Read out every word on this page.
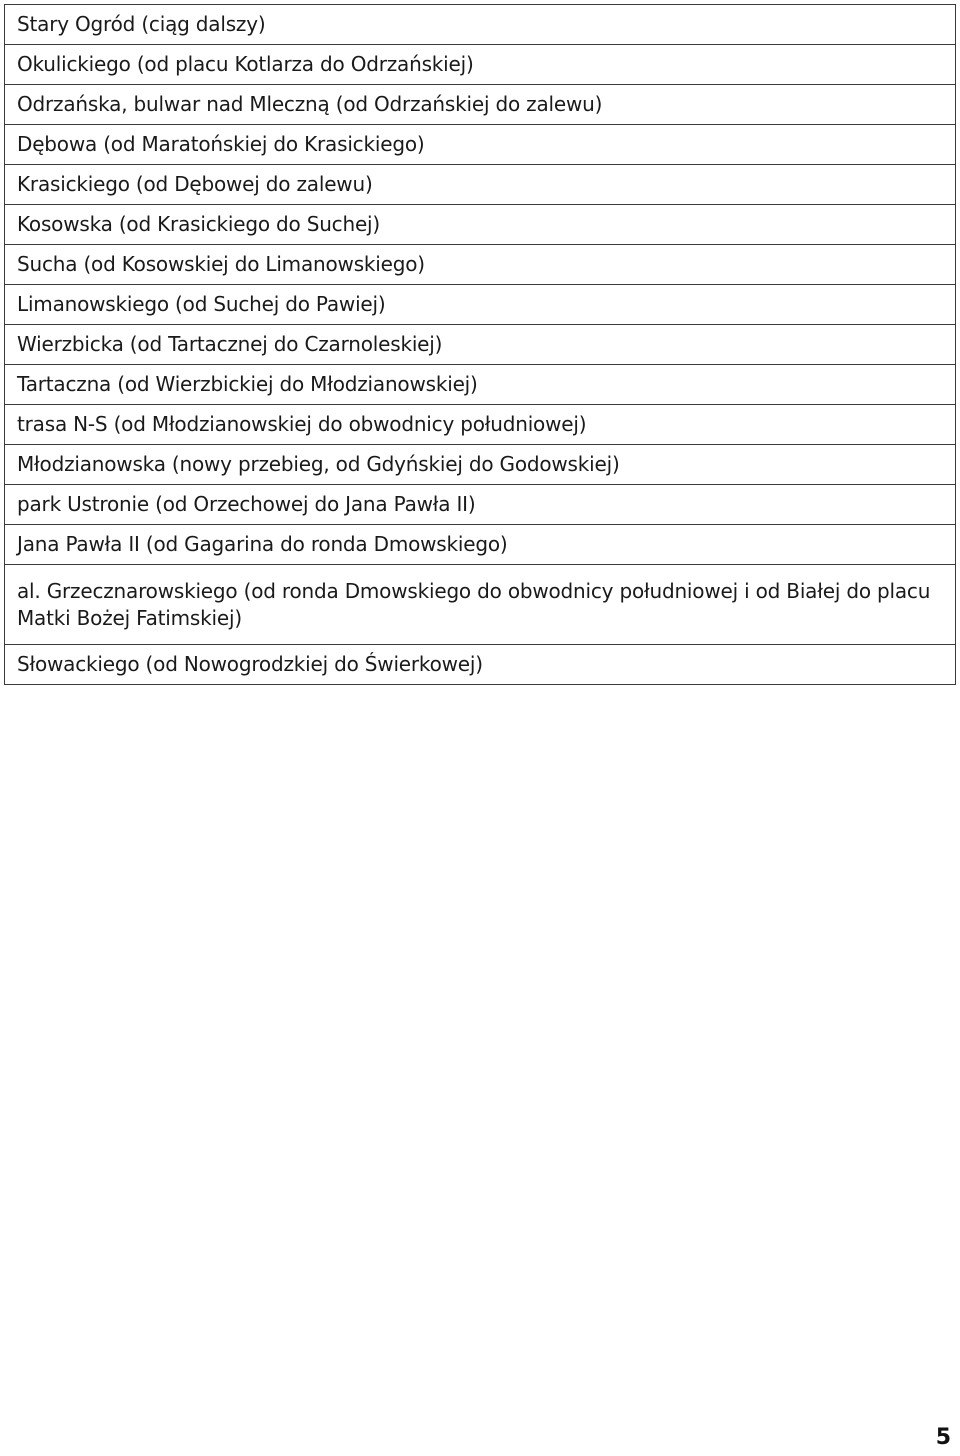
Stary Ogród (ciąg dalszy)
Okulickiego (od placu Kotlarza do Odrzańskiej)
Odrzańska, bulwar nad Mleczną (od Odrzańskiej do zalewu)
Dębowa (od Maratońskiej do Krasickiego)
Krasickiego (od Dębowej do zalewu)
Kosowska (od Krasickiego do Suchej)
Sucha (od Kosowskiej do Limanowskiego)
Limanowskiego (od Suchej do Pawiej)
Wierzbicka (od Tartacznej do Czarnoleskiej)
Tartaczna (od Wierzbickiej do Młodzianowskiej)
trasa N-S (od Młodzianowskiej do obwodnicy południowej)
Młodzianowska (nowy przebieg, od Gdyńskiej do Godowskiej)
park Ustronie (od Orzechowej do Jana Pawła II)
Jana Pawła II (od Gagarina do ronda Dmowskiego)
al. Grzecznarowskiego (od ronda Dmowskiego do obwodnicy południowej i od Białej do placu Matki Bożej Fatimskiej)
Słowackiego (od Nowogrodzkiej do Świerkowej)
5
